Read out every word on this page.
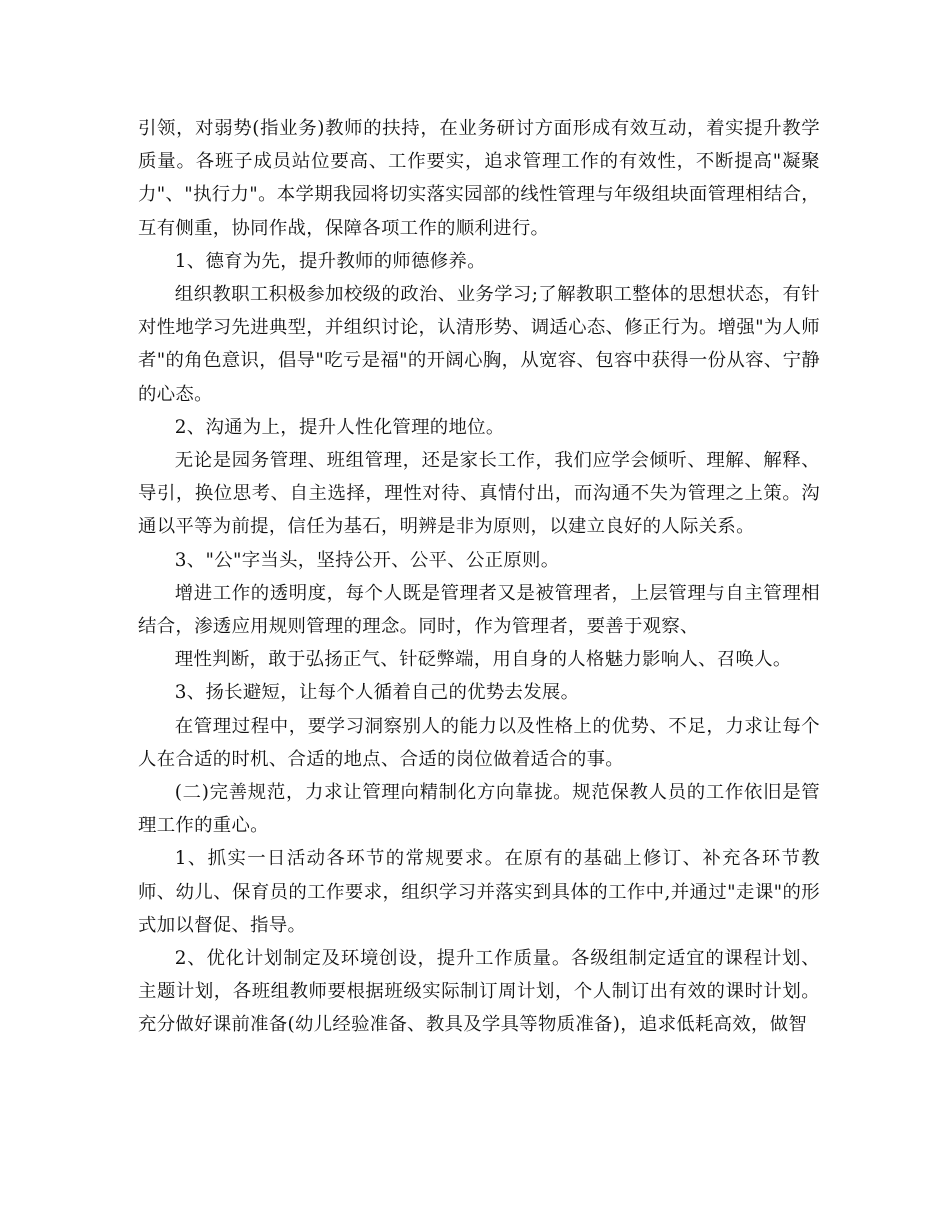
引领，对弱势(指业务)教师的扶持，在业务研讨方面形成有效互动，着实提升教学质量。各班子成员站位要高、工作要实，追求管理工作的有效性，不断提高"凝聚力"、"执行力"。本学期我园将切实落实园部的线性管理与年级组块面管理相结合，互有侧重，协同作战，保障各项工作的顺利进行。

1、德育为先，提升教师的师德修养。

组织教职工积极参加校级的政治、业务学习;了解教职工整体的思想状态，有针对性地学习先进典型，并组织讨论，认清形势、调适心态、修正行为。增强"为人师者"的角色意识，倡导"吃亏是福"的开阔心胸，从宽容、包容中获得一份从容、宁静的心态。

2、沟通为上，提升人性化管理的地位。

无论是园务管理、班组管理，还是家长工作，我们应学会倾听、理解、解释、导引，换位思考、自主选择，理性对待、真情付出，而沟通不失为管理之上策。沟通以平等为前提，信任为基石，明辨是非为原则，以建立良好的人际关系。

3、"公"字当头，坚持公开、公平、公正原则。

增进工作的透明度，每个人既是管理者又是被管理者，上层管理与自主管理相结合，渗透应用规则管理的理念。同时，作为管理者，要善于观察、

理性判断，敢于弘扬正气、针砭弊端，用自身的人格魅力影响人、召唤人。

3、扬长避短，让每个人循着自己的优势去发展。

在管理过程中，要学习洞察别人的能力以及性格上的优势、不足，力求让每个人在合适的时机、合适的地点、合适的岗位做着适合的事。

(二)完善规范，力求让管理向精制化方向靠拢。规范保教人员的工作依旧是管理工作的重心。

1、抓实一日活动各环节的常规要求。在原有的基础上修订、补充各环节教师、幼儿、保育员的工作要求，组织学习并落实到具体的工作中,并通过"走课"的形式加以督促、指导。

2、优化计划制定及环境创设，提升工作质量。各级组制定适宜的课程计划、主题计划，各班组教师要根据班级实际制订周计划，个人制订出有效的课时计划。充分做好课前准备(幼儿经验准备、教具及学具等物质准备)，追求低耗高效，做智
